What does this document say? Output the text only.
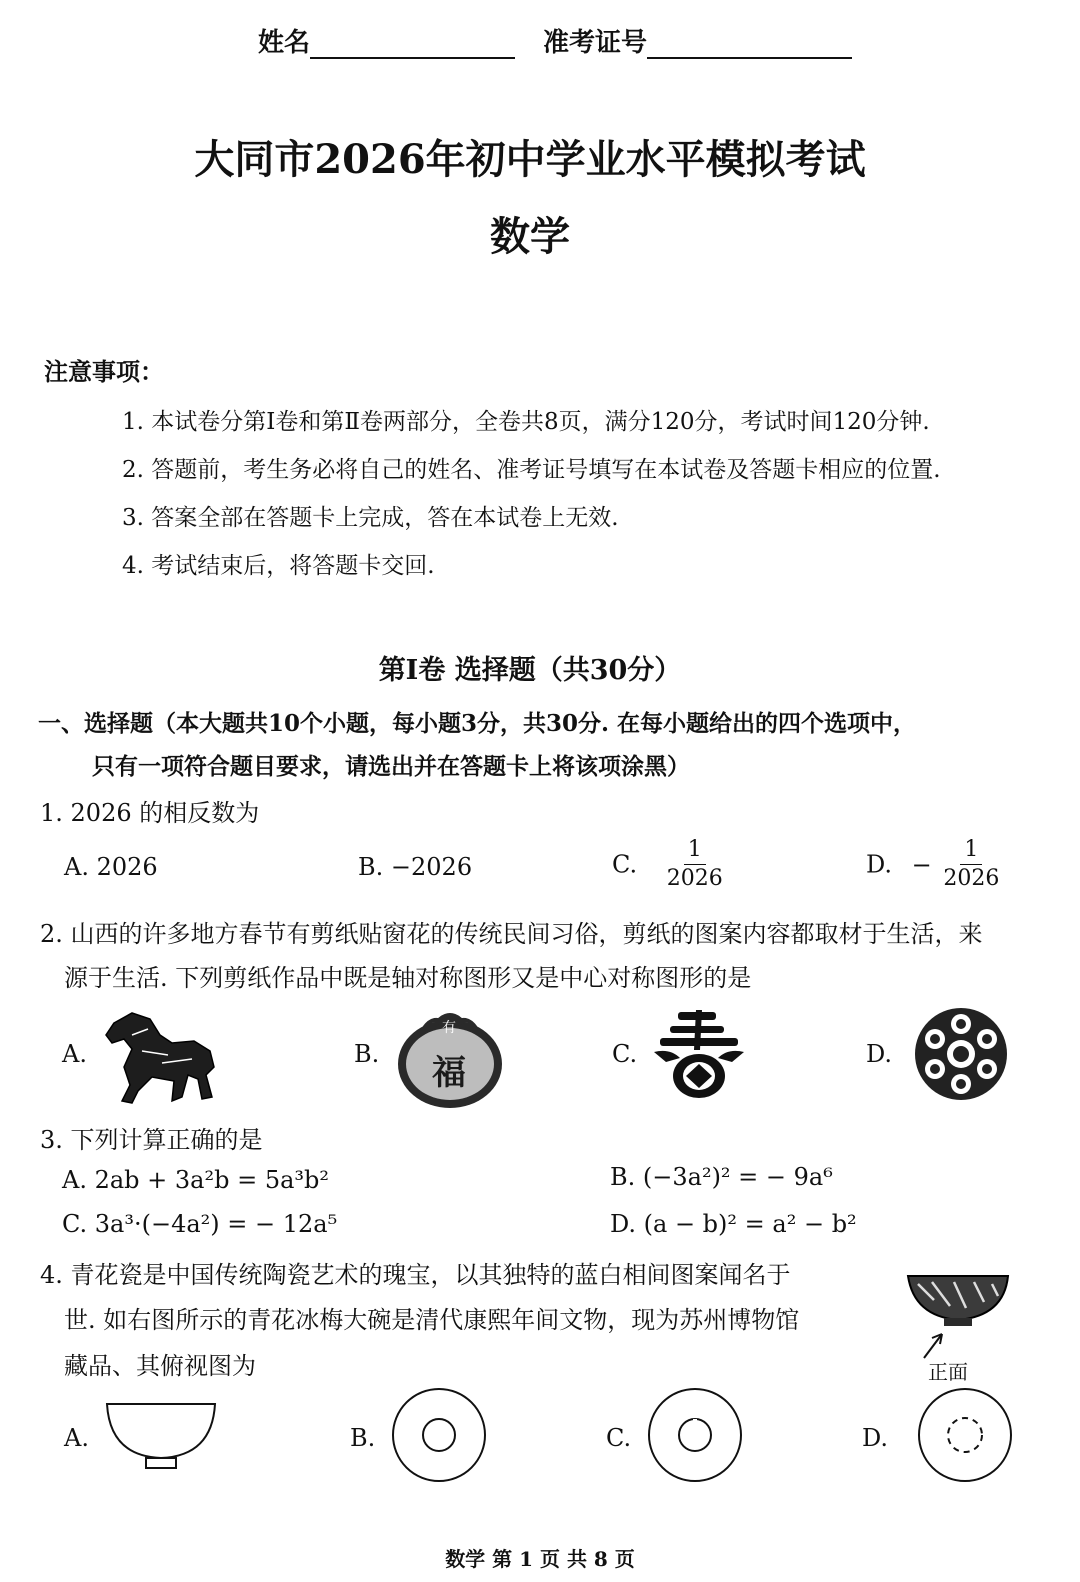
姓名	准考证号
大同市2026年初中学业水平模拟考试
数学
注意事项：
1. 本试卷分第Ⅰ卷和第Ⅱ卷两部分，全卷共8页，满分120分，考试时间120分钟.
2. 答题前，考生务必将自己的姓名、准考证号填写在本试卷及答题卡相应的位置.
3. 答案全部在答题卡上完成，答在本试卷上无效.
4. 考试结束后，将答题卡交回.
第Ⅰ卷 选择题（共30分）
一、选择题（本大题共10个小题，每小题3分，共30分. 在每小题给出的四个选项中，
只有一项符合题目要求，请选出并在答题卡上将该项涂黑）
1. 2026 的相反数为
A. 2026	B. −2026	C. $\frac{1}{2026}$	D. − $\frac{1}{2026}$
2. 山西的许多地方春节有剪纸贴窗花的传统民间习俗，剪纸的图案内容都取材于生活，来
源于生活. 下列剪纸作品中既是轴对称图形又是中心对称图形的是
A.	B.
有
福	C.	D.
3. 下列计算正确的是
A. 2ab + 3a²b = 5a³b²	B. (−3a²)² = − 9a⁶
C. 3a³·(−4a²) = − 12a⁵	D. (a − b)² = a² − b²
4. 青花瓷是中国传统陶瓷艺术的瑰宝，以其独特的蓝白相间图案闻名于
世. 如右图所示的青花冰梅大碗是清代康熙年间文物，现为苏州博物馆
藏品、其俯视图为	正面
A.	B.	C.	D.
数学 第 1 页 共 8 页
